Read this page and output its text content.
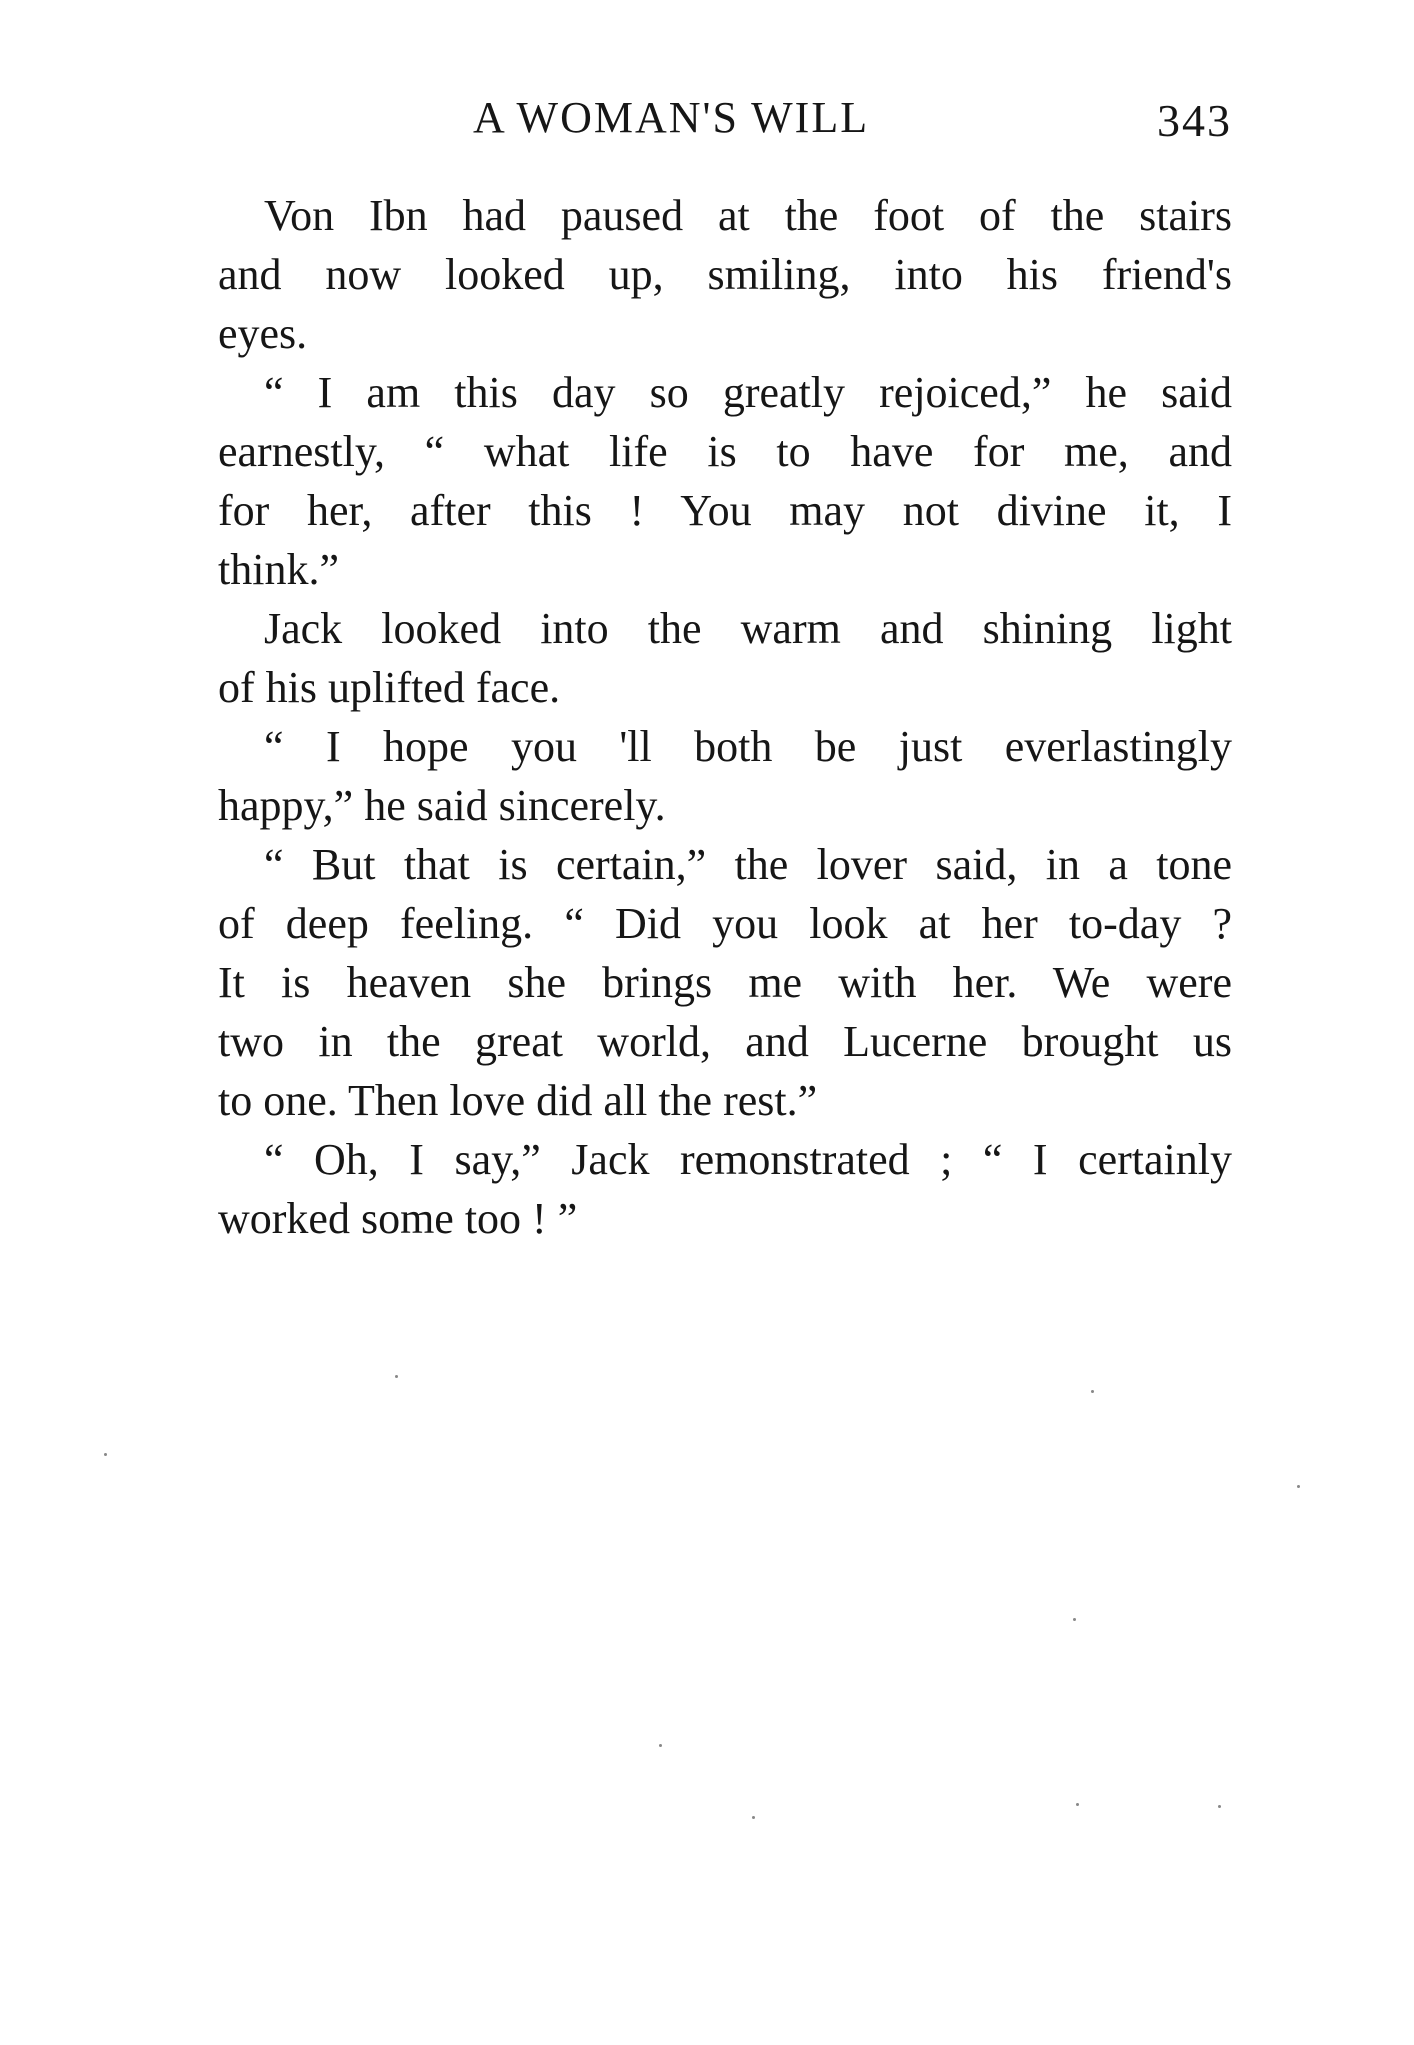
A WOMAN'S WILL	343
Von Ibn had paused at the foot of the stairs
and now looked up, smiling, into his friend's
eyes.
“ I am this day so greatly rejoiced,” he said
earnestly, “ what life is to have for me, and
for her, after this ! You may not divine it, I
think.”
Jack looked into the warm and shining light
of his uplifted face.
“ I hope you 'll both be just everlastingly
happy,” he said sincerely.
“ But that is certain,” the lover said, in a tone
of deep feeling. “ Did you look at her to-day ?
It is heaven she brings me with her. We were
two in the great world, and Lucerne brought us
to one. Then love did all the rest.”
“ Oh, I say,” Jack remonstrated ; “ I certainly
worked some too ! ”
